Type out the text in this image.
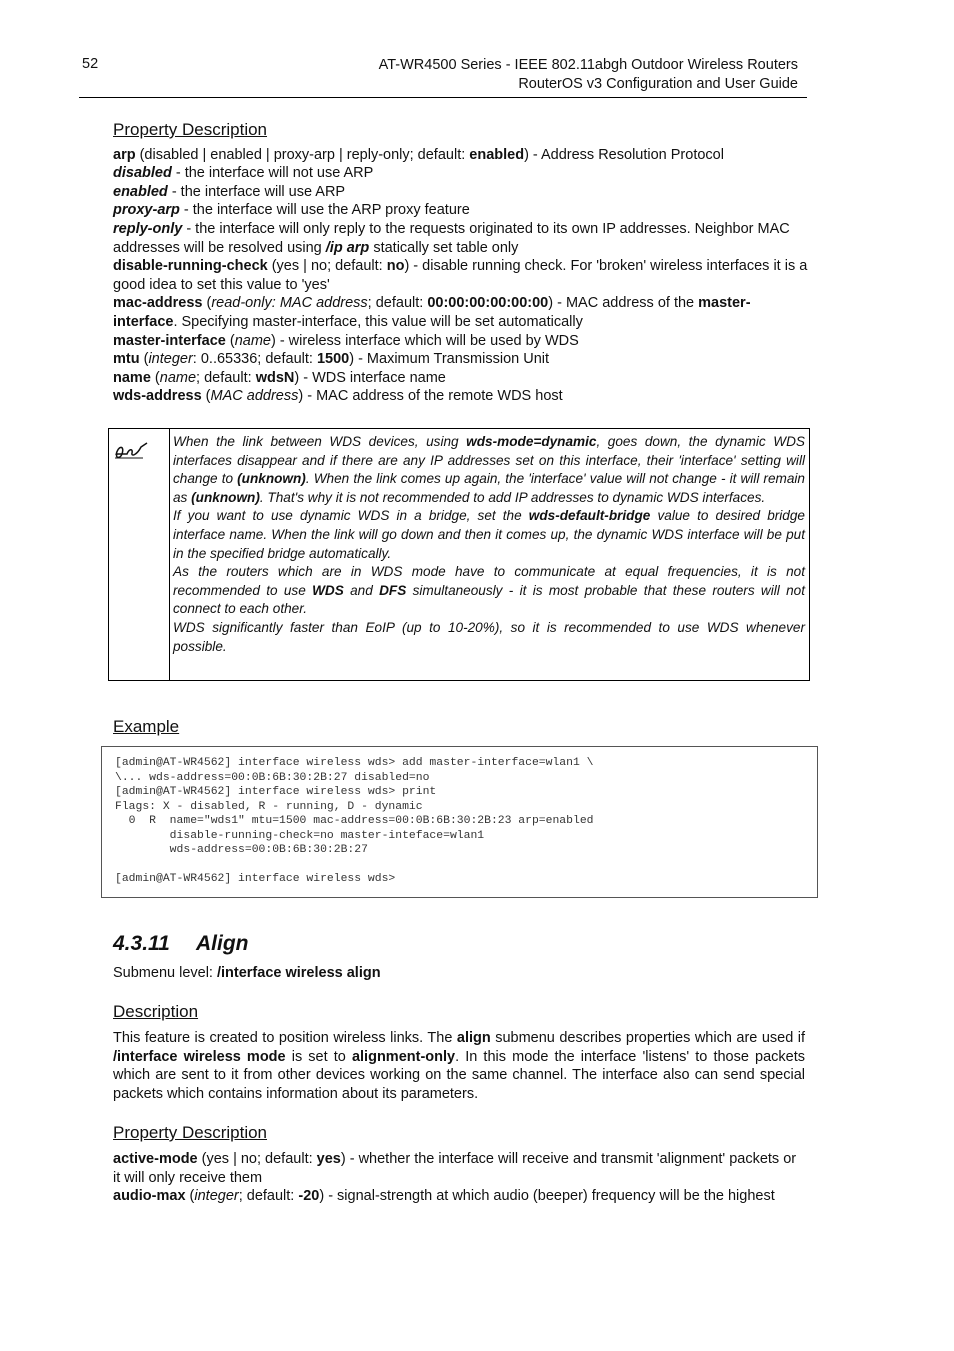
52	AT-WR4500 Series - IEEE 802.11abgh Outdoor Wireless Routers
RouterOS v3 Configuration and User Guide
Property Description
arp (disabled | enabled | proxy-arp | reply-only; default: enabled) - Address Resolution Protocol
disabled - the interface will not use ARP
enabled - the interface will use ARP
proxy-arp - the interface will use the ARP proxy feature
reply-only - the interface will only reply to the requests originated to its own IP addresses. Neighbor MAC addresses will be resolved using /ip arp statically set table only
disable-running-check (yes | no; default: no) - disable running check. For 'broken' wireless interfaces it is a good idea to set this value to 'yes'
mac-address (read-only: MAC address; default: 00:00:00:00:00:00) - MAC address of the master-interface. Specifying master-interface, this value will be set automatically
master-interface (name) - wireless interface which will be used by WDS
mtu (integer: 0..65336; default: 1500) - Maximum Transmission Unit
name (name; default: wdsN) - WDS interface name
wds-address (MAC address) - MAC address of the remote WDS host

When the link between WDS devices, using wds-mode=dynamic, goes down, the dynamic WDS interfaces disappear and if there are any IP addresses set on this interface, their 'interface' setting will change to (unknown). When the link comes up again, the 'interface' value will not change - it will remain as (unknown). That's why it is not recommended to add IP addresses to dynamic WDS interfaces.

If you want to use dynamic WDS in a bridge, set the wds-default-bridge value to desired bridge interface name. When the link will go down and then it comes up, the dynamic WDS interface will be put in the specified bridge automatically.

As the routers which are in WDS mode have to communicate at equal frequencies, it is not recommended to use WDS and DFS simultaneously - it is most probable that these routers will not connect to each other.

WDS significantly faster than EoIP (up to 10-20%), so it is recommended to use WDS whenever possible.

Example
[admin@AT-WR4562] interface wireless wds> add master-interface=wlan1 \
\... wds-address=00:0B:6B:30:2B:27 disabled=no
[admin@AT-WR4562] interface wireless wds> print
Flags: X - disabled, R - running, D - dynamic
0  R  name="wds1" mtu=1500 mac-address=00:0B:6B:30:2B:23 arp=enabled
disable-running-check=no master-inteface=wlan1
wds-address=00:0B:6B:30:2B:27

[admin@AT-WR4562] interface wireless wds>
4.3.11 Align
Submenu level: /interface wireless align
Description
This feature is created to position wireless links. The align submenu describes properties which are used if /interface wireless mode is set to alignment-only. In this mode the interface 'listens' to those packets which are sent to it from other devices working on the same channel. The interface also can send special packets which contains information about its parameters.
Property Description
active-mode (yes | no; default: yes) - whether the interface will receive and transmit 'alignment' packets or it will only receive them
audio-max (integer; default: -20) - signal-strength at which audio (beeper) frequency will be the highest
